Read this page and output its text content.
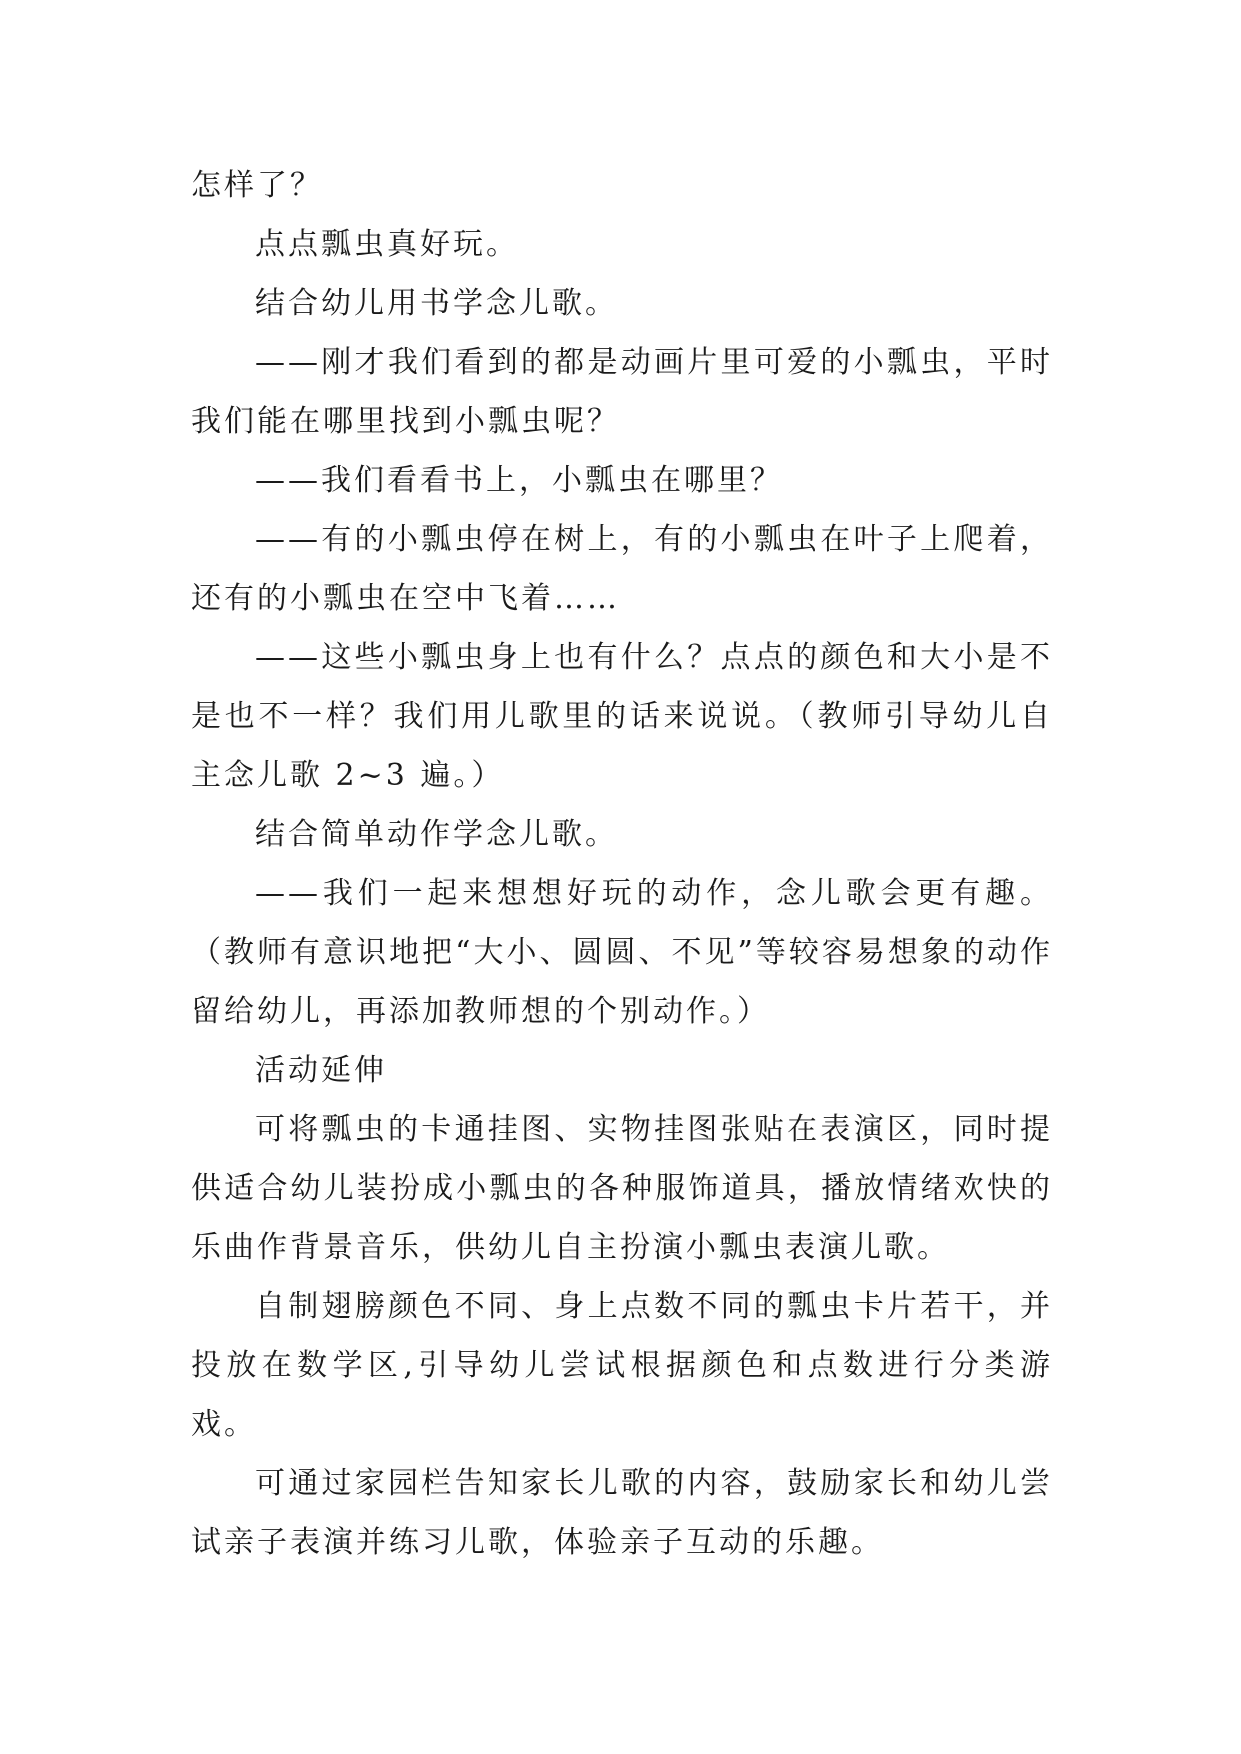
怎样了？

点点瓢虫真好玩。

结合幼儿用书学念儿歌。

——刚才我们看到的都是动画片里可爱的小瓢虫，平时我们能在哪里找到小瓢虫呢？

——我们看看书上，小瓢虫在哪里？

——有的小瓢虫停在树上，有的小瓢虫在叶子上爬着，还有的小瓢虫在空中飞着……

——这些小瓢虫身上也有什么？点点的颜色和大小是不是也不一样？我们用儿歌里的话来说说。（教师引导幼儿自主念儿歌 2~3 遍。）

结合简单动作学念儿歌。

——我们一起来想想好玩的动作，念儿歌会更有趣。（教师有意识地把“大小、圆圆、不见”等较容易想象的动作留给幼儿，再添加教师想的个别动作。）

活动延伸

可将瓢虫的卡通挂图、实物挂图张贴在表演区，同时提供适合幼儿装扮成小瓢虫的各种服饰道具，播放情绪欢快的乐曲作背景音乐，供幼儿自主扮演小瓢虫表演儿歌。

自制翅膀颜色不同、身上点数不同的瓢虫卡片若干，并投放在数学区,引导幼儿尝试根据颜色和点数进行分类游戏。

可通过家园栏告知家长儿歌的内容，鼓励家长和幼儿尝试亲子表演并练习儿歌，体验亲子互动的乐趣。
